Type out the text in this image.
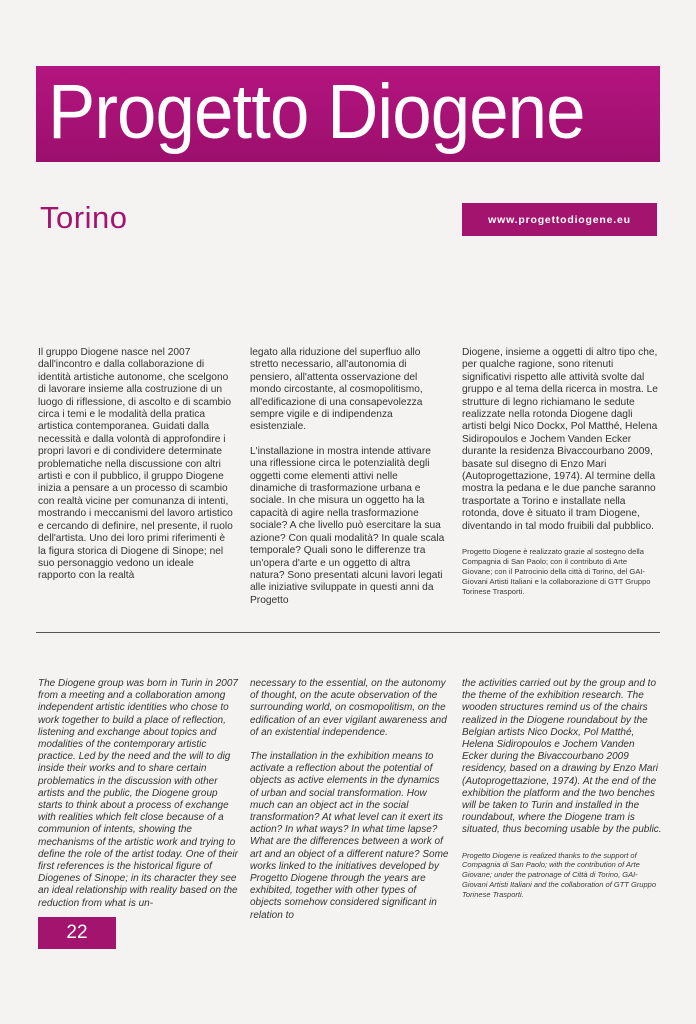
Progetto Diogene
Torino	www.progettodiogene.eu

Il gruppo Diogene nasce nel 2007 dall'incontro e dalla collaborazione di identità artistiche autonome, che scelgono di lavorare insieme alla costruzione di un luogo di riflessione, di ascolto e di scambio circa i temi e le modalità della pratica artistica contemporanea. Guidati dalla necessità e dalla volontà di approfondire i propri lavori e di condividere determinate problematiche nella discussione con altri artisti e con il pubblico, il gruppo Diogene inizia a pensare a un processo di scambio con realtà vicine per comunanza di intenti, mostrando i meccanismi del lavoro artistico e cercando di definire, nel presente, il ruolo dell'artista. Uno dei loro primi riferimenti è la figura storica di Diogene di Sinope; nel suo personaggio vedono un ideale rapporto con la realtà

legato alla riduzione del superfluo allo stretto necessario, all'autonomia di pensiero, all'attenta osservazione del mondo circostante, al cosmopolitismo, all'edificazione di una consapevolezza sempre vigile e di indipendenza esistenziale.

L'installazione in mostra intende attivare una riflessione circa le potenzialità degli oggetti come elementi attivi nelle dinamiche di trasformazione urbana e sociale. In che misura un oggetto ha la capacità di agire nella trasformazione sociale? A che livello può esercitare la sua azione? Con quali modalità? In quale scala temporale? Quali sono le differenze tra un'opera d'arte e un oggetto di altra natura? Sono presentati alcuni lavori legati alle iniziative sviluppate in questi anni da Progetto

Diogene, insieme a oggetti di altro tipo che, per qualche ragione, sono ritenuti significativi rispetto alle attività svolte dal gruppo e al tema della ricerca in mostra. Le strutture di legno richiamano le sedute realizzate nella rotonda Diogene dagli artisti belgi Nico Dockx, Pol Matthé, Helena Sidiropoulos e Jochem Vanden Ecker durante la residenza Bivaccourbano 2009, basate sul disegno di Enzo Mari (Autoprogettazione, 1974). Al termine della mostra la pedana e le due panche saranno trasportate a Torino e installate nella rotonda, dove è situato il tram Diogene, diventando in tal modo fruibili dal pubblico.

Progetto Diogene è realizzato grazie al sostegno della Compagnia di San Paolo; con il contributo di Arte Giovane; con il Patrocinio della città di Torino, del GAI-Giovani Artisti Italiani e la collaborazione di GTT Gruppo Torinese Trasporti.

The Diogene group was born in Turin in 2007 from a meeting and a collaboration among independent artistic identities who chose to work together to build a place of reflection, listening and exchange about topics and modalities of the contemporary artistic practice. Led by the need and the will to dig inside their works and to share certain problematics in the discussion with other artists and the public, the Diogene group starts to think about a process of exchange with realities which felt close because of a communion of intents, showing the mechanisms of the artistic work and trying to define the role of the artist today. One of their first references is the historical figure of Diogenes of Sinope; in its character they see an ideal relationship with reality based on the reduction from what is un-

necessary to the essential, on the autonomy of thought, on the acute observation of the surrounding world, on cosmopolitism, on the edification of an ever vigilant awareness and of an existential independence.

The installation in the exhibition means to activate a reflection about the potential of objects as active elements in the dynamics of urban and social transformation. How much can an object act in the social transformation? At what level can it exert its action? In what ways? In what time lapse? What are the differences between a work of art and an object of a different nature? Some works linked to the initiatives developed by Progetto Diogene through the years are exhibited, together with other types of objects somehow considered significant in relation to

the activities carried out by the group and to the theme of the exhibition research. The wooden structures remind us of the chairs realized in the Diogene roundabout by the Belgian artists Nico Dockx, Pol Matthé, Helena Sidiropoulos e Jochem Vanden Ecker during the Bivaccourbano 2009 residency, based on a drawing by Enzo Mari (Autoprogettazione, 1974). At the end of the exhibition the platform and the two benches will be taken to Turin and installed in the roundabout, where the Diogene tram is situated, thus becoming usable by the public.

Progetto Diogene is realized thanks to the support of Compagnia di San Paolo; with the contribution of Arte Giovane; under the patronage of Città di Torino, GAI-Giovani Artisti Italiani and the collaboration of GTT Gruppo Torinese Trasporti.

22
